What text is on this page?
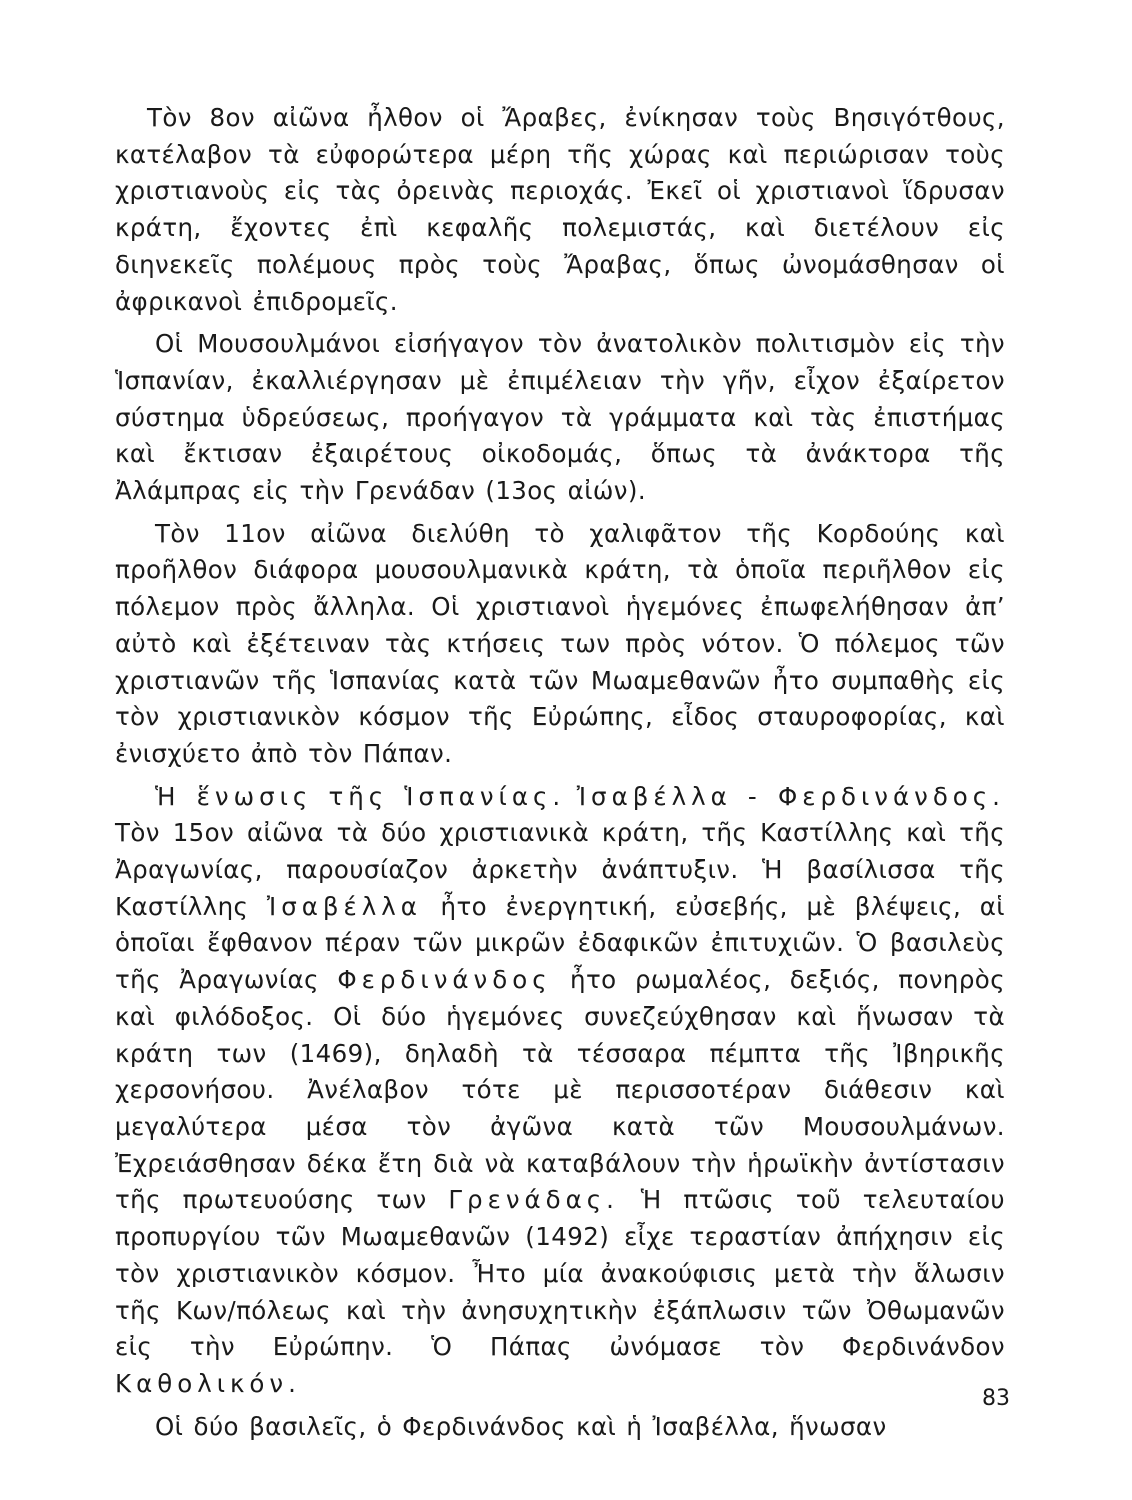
Τὸν 8ον αἰῶνα ἦλθον οἱ Ἄραβες, ἐνίκησαν τοὺς Βησιγότθους, κατέλαβον τὰ εὐφορώτερα μέρη τῆς χώρας καὶ περιώρισαν τοὺς χριστιανοὺς εἰς τὰς ὀρεινὰς περιοχάς. Ἐκεῖ οἱ χριστιανοὶ ἵδρυσαν κράτη, ἔχοντες ἐπὶ κεφαλῆς πολεμιστάς, καὶ διετέλουν εἰς διηνεκεῖς πολέμους πρὸς τοὺς Ἄραβας, ὅπως ὠνομάσθησαν οἱ ἀφρικανοὶ ἐπιδρομεῖς.

Οἱ Μουσουλμάνοι εἰσήγαγον τὸν ἀνατολικὸν πολιτισμὸν εἰς τὴν Ἱσπανίαν, ἐκαλλιέργησαν μὲ ἐπιμέλειαν τὴν γῆν, εἶχον ἐξαίρετον σύστημα ὑδρεύσεως, προήγαγον τὰ γράμματα καὶ τὰς ἐπιστήμας καὶ ἔκτισαν ἐξαιρέτους οἰκοδομάς, ὅπως τὰ ἀνάκτορα τῆς Ἀλάμπρας εἰς τὴν Γρενάδαν (13ος αἰών).

Τὸν 11ον αἰῶνα διελύθη τὸ χαλιφᾶτον τῆς Κορδούης καὶ προῆλθον διάφορα μουσουλμανικὰ κράτη, τὰ ὁποῖα περιῆλθον εἰς πόλεμον πρὸς ἄλληλα. Οἱ χριστιανοὶ ἡγεμόνες ἐπωφελήθησαν ἀπ’ αὐτὸ καὶ ἐξέτειναν τὰς κτήσεις των πρὸς νότον. Ὁ πόλεμος τῶν χριστιανῶν τῆς Ἱσπανίας κατὰ τῶν Μωαμεθανῶν ἦτο συμπαθὴς εἰς τὸν χριστιανικὸν κόσμον τῆς Εὐρώπης, εἶδος σταυροφορίας, καὶ ἐνισχύετο ἀπὸ τὸν Πάπαν.

Ἡ ἕνωσις τῆς Ἱσπανίας. Ἰσαβέλλα - Φερδινάνδος. Τὸν 15ον αἰῶνα τὰ δύο χριστιανικὰ κράτη, τῆς Καστίλλης καὶ τῆς Ἀραγωνίας, παρουσίαζον ἀρκετὴν ἀνάπτυξιν. Ἡ βασίλισσα τῆς Καστίλλης Ἰσαβέλλα ἦτο ἐνεργητική, εὐσεβής, μὲ βλέψεις, αἱ ὁποῖαι ἔφθανον πέραν τῶν μικρῶν ἐδαφικῶν ἐπιτυχιῶν. Ὁ βασιλεὺς τῆς Ἀραγωνίας Φερδινάνδος ἦτο ρωμαλέος, δεξιός, πονηρὸς καὶ φιλόδοξος. Οἱ δύο ἡγεμόνες συνεζεύχθησαν καὶ ἥνωσαν τὰ κράτη των (1469), δηλαδὴ τὰ τέσσαρα πέμπτα τῆς Ἰβηρικῆς χερσονήσου. Ἀνέλαβον τότε μὲ περισσοτέραν διάθεσιν καὶ μεγαλύτερα μέσα τὸν ἀγῶνα κατὰ τῶν Μουσουλμάνων. Ἐχρειάσθησαν δέκα ἔτη διὰ νὰ καταβάλουν τὴν ἡρωϊκὴν ἀντίστασιν τῆς πρωτευούσης των Γρενάδας. Ἡ πτῶσις τοῦ τελευταίου προπυργίου τῶν Μωαμεθανῶν (1492) εἶχε τεραστίαν ἀπήχησιν εἰς τὸν χριστιανικὸν κόσμον. Ἦτο μία ἀνακούφισις μετὰ τὴν ἅλωσιν τῆς Κων/πόλεως καὶ τὴν ἀνησυχητικὴν ἐξάπλωσιν τῶν Ὀθωμανῶν εἰς τὴν Εὐρώπην. Ὁ Πάπας ὠνόμασε τὸν Φερδινάνδον Καθολικόν.

Οἱ δύο βασιλεῖς, ὁ Φερδινάνδος καὶ ἡ Ἰσαβέλλα, ἥνωσαν

83
